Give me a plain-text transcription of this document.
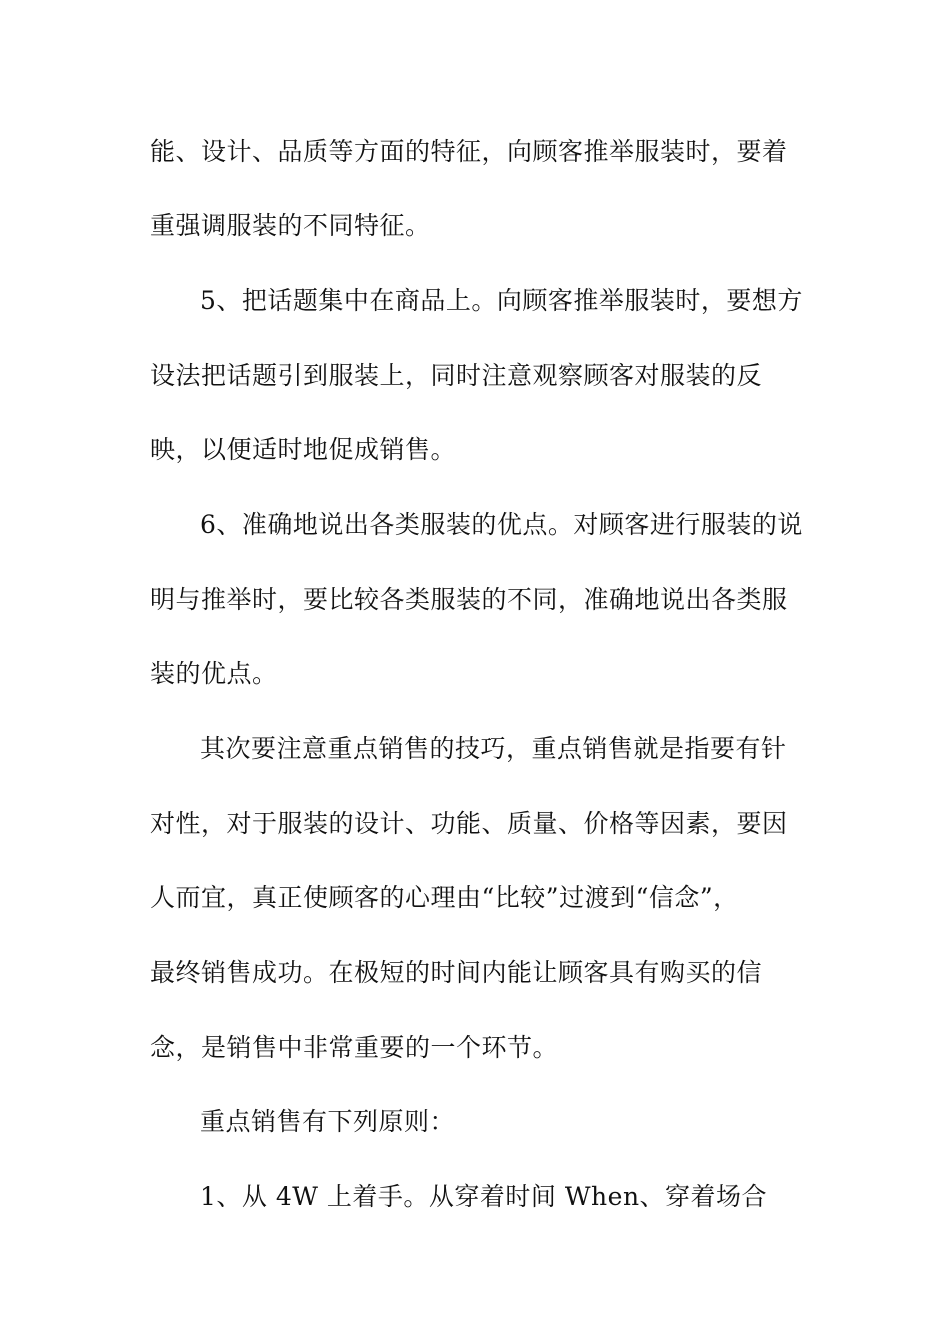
能、设计、品质等方面的特征，向顾客推举服装时，要着
重强调服装的不同特征。
5、把话题集中在商品上。向顾客推举服装时，要想方
设法把话题引到服装上，同时注意观察顾客对服装的反
映，以便适时地促成销售。
6、准确地说出各类服装的优点。对顾客进行服装的说
明与推举时，要比较各类服装的不同，准确地说出各类服
装的优点。
其次要注意重点销售的技巧，重点销售就是指要有针
对性，对于服装的设计、功能、质量、价格等因素，要因
人而宜，真正使顾客的心理由“比较”过渡到“信念”，
最终销售成功。在极短的时间内能让顾客具有购买的信
念，是销售中非常重要的一个环节。
重点销售有下列原则：
1、从 4W 上着手。从穿着时间 When、穿着场合
